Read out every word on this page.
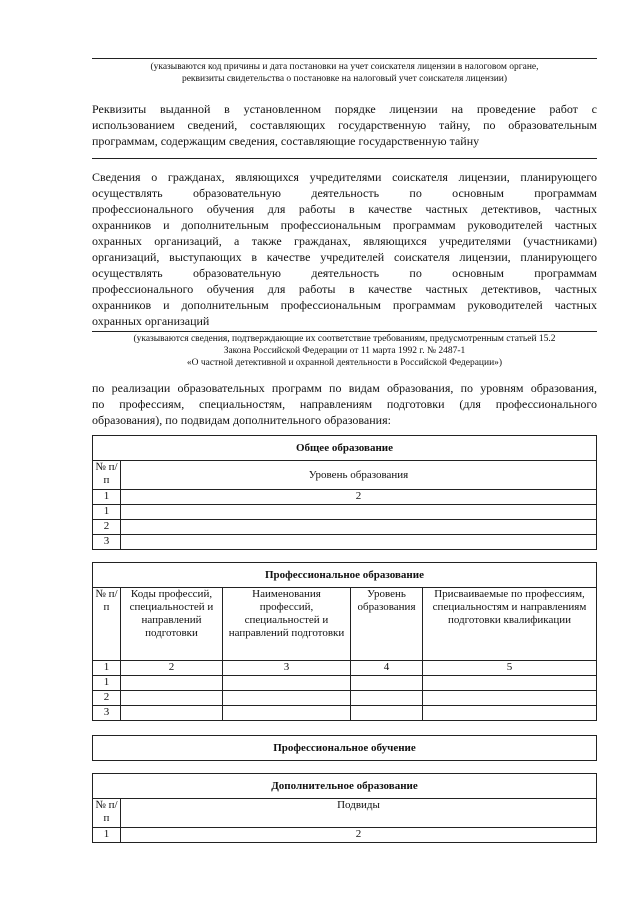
(указываются код причины и дата постановки на учет соискателя лицензии в налоговом органе,
реквизиты свидетельства о постановке на налоговый учет соискателя лицензии)
Реквизиты выданной в установленном порядке лицензии на проведение работ с
использованием сведений, составляющих государственную тайну, по образовательным
программам, содержащим сведения, составляющие государственную тайну
Сведения о гражданах, являющихся учредителями соискателя лицензии, планирующего
осуществлять образовательную деятельность по основным программам
профессионального обучения для работы в качестве частных детективов, частных
охранников и дополнительным профессиональным программам руководителей частных
охранных организаций, а также гражданах, являющихся учредителями (участниками)
организаций, выступающих в качестве учредителей соискателя лицензии, планирующего
осуществлять образовательную деятельность по основным программам
профессионального обучения для работы в качестве частных детективов, частных
охранников и дополнительным профессиональным программам руководителей частных
охранных организаций
(указываются сведения, подтверждающие их соответствие требованиям, предусмотренным статьей 15.2
Закона Российской Федерации от 11 марта 1992 г. № 2487-1
«О частной детективной и охранной деятельности в Российской Федерации»)
по реализации образовательных программ по видам образования, по уровням образования,
по профессиям, специальностям, направлениям подготовки (для профессионального
образования), по подвидам дополнительного образования:
Общее образование	
№ п/п	Уровень образования
1	2
1	
2	
3	
Профессиональное образование				
№ п/п	Коды профессий, специальностей и направлений подготовки	Наименования профессий, специальностей и направлений подготовки	Уровень образования	Присваиваемые по профессиям, специальностям и направлениям подготовки квалификации
1	2	3	4	5
1				
2				
3				
Профессиональное обучение
Дополнительное образование	
№ п/п	Подвиды
1	2
